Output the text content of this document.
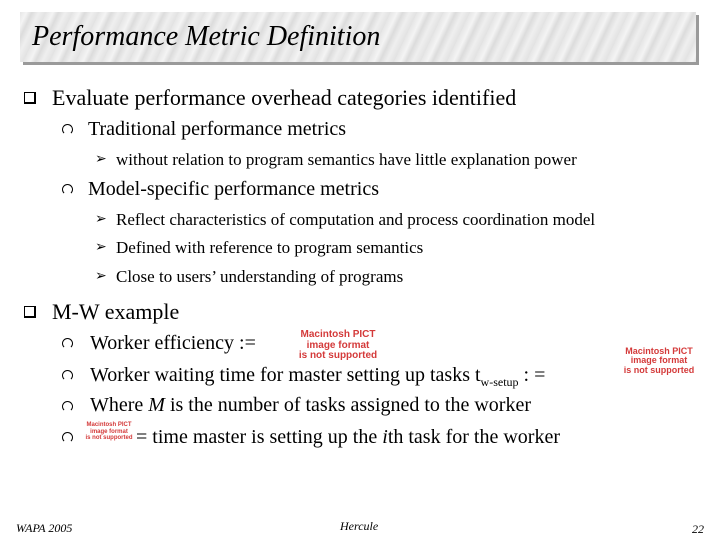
Performance Metric Definition
Evaluate performance overhead categories identified
Traditional performance metrics
➢ without relation to program semantics have little explanation power
Model-specific performance metrics
➢ Reflect characteristics of computation and process coordination model
➢ Defined with reference to program semantics
➢ Close to users’ understanding of programs
M-W example
Worker efficiency :=
Worker waiting time for master setting up tasks $t_{w-setup}$ : =
Where M is the number of tasks assigned to the worker
= time master is setting up the ith task for the worker
Macintosh PICT
image format
is not supported	Macintosh PICT
image format
is not supported
Macintosh PICT
image format
is not supported
WAPA 2005	Hercule	22
